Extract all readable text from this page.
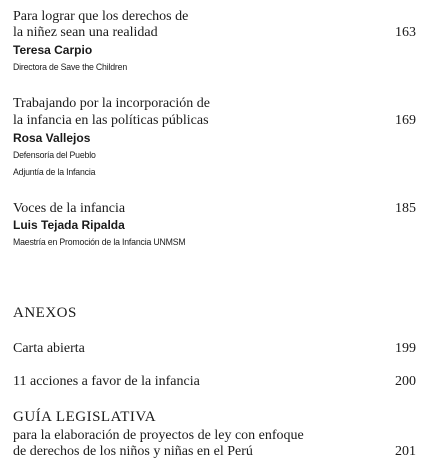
Para lograr que los derechos de
la niñez sean una realidad	163
Teresa Carpio
Directora de Save the Children
Trabajando por la incorporación de
la infancia en las políticas públicas	169
Rosa Vallejos
Defensoría del Pueblo
Adjuntía de la Infancia
Voces de la infancia	185
Luis Tejada Ripalda
Maestría en Promoción de la Infancia UNMSM
ANEXOS
Carta abierta	199
11 acciones a favor de la infancia	200
GUÍA LEGISLATIVA
para la elaboración de proyectos de ley con enfoque
de derechos de los niños y niñas en el Perú	201
